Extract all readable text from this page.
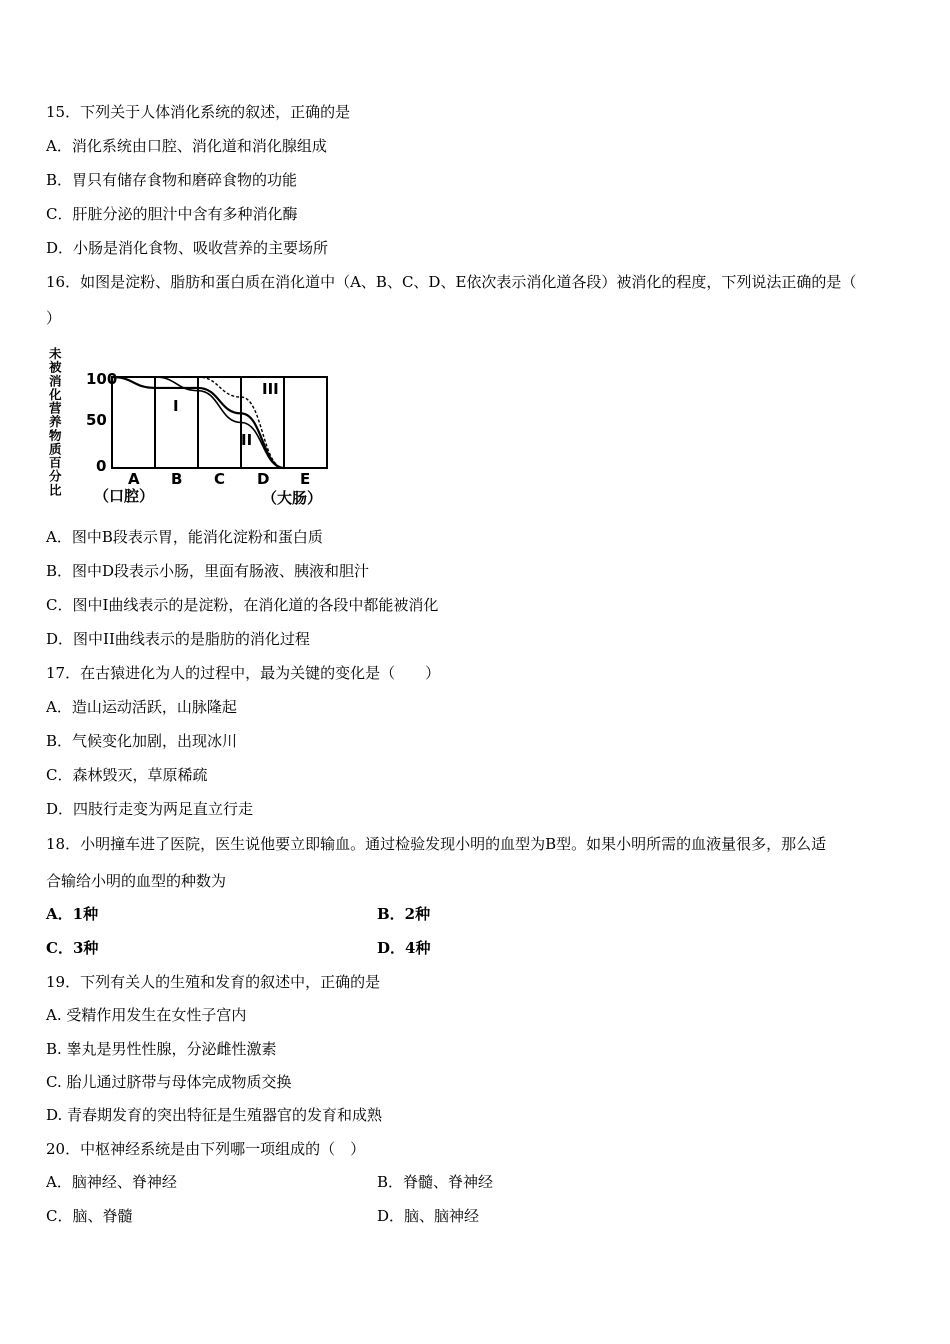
15．下列关于人体消化系统的叙述，正确的是
A．消化系统由口腔、消化道和消化腺组成
B．胃只有储存食物和磨碎食物的功能
C．肝脏分泌的胆汁中含有多种消化酶
D．小肠是消化食物、吸收营养的主要场所
16．如图是淀粉、脂肪和蛋白质在消化道中（A、B、C、D、E依次表示消化道各段）被消化的程度，下列说法正确的是（
）
未
被
消
化
营
养
物
质
百
分
比
100
50
0
A B C D E
（口腔）	（大肠）
I
II
III
A．图中B段表示胃，能消化淀粉和蛋白质
B．图中D段表示小肠，里面有肠液、胰液和胆汁
C．图中I曲线表示的是淀粉，在消化道的各段中都能被消化
D．图中II曲线表示的是脂肪的消化过程
17．在古猿进化为人的过程中，最为关键的变化是（　　）
A．造山运动活跃，山脉隆起
B．气候变化加剧，出现冰川
C．森林毁灭，草原稀疏
D．四肢行走变为两足直立行走
18．小明撞车进了医院，医生说他要立即输血。通过检验发现小明的血型为B型。如果小明所需的血液量很多，那么适
合输给小明的血型的种数为
A．1种	B．2种
C．3种	D．4种
19．下列有关人的生殖和发育的叙述中，正确的是
A. 受精作用发生在女性子宫内
B. 睾丸是男性性腺，分泌雌性激素
C. 胎儿通过脐带与母体完成物质交换
D. 青春期发育的突出特征是生殖器官的发育和成熟
20．中枢神经系统是由下列哪一项组成的（　）
A．脑神经、脊神经	B．脊髓、脊神经
C．脑、脊髓	D．脑、脑神经
